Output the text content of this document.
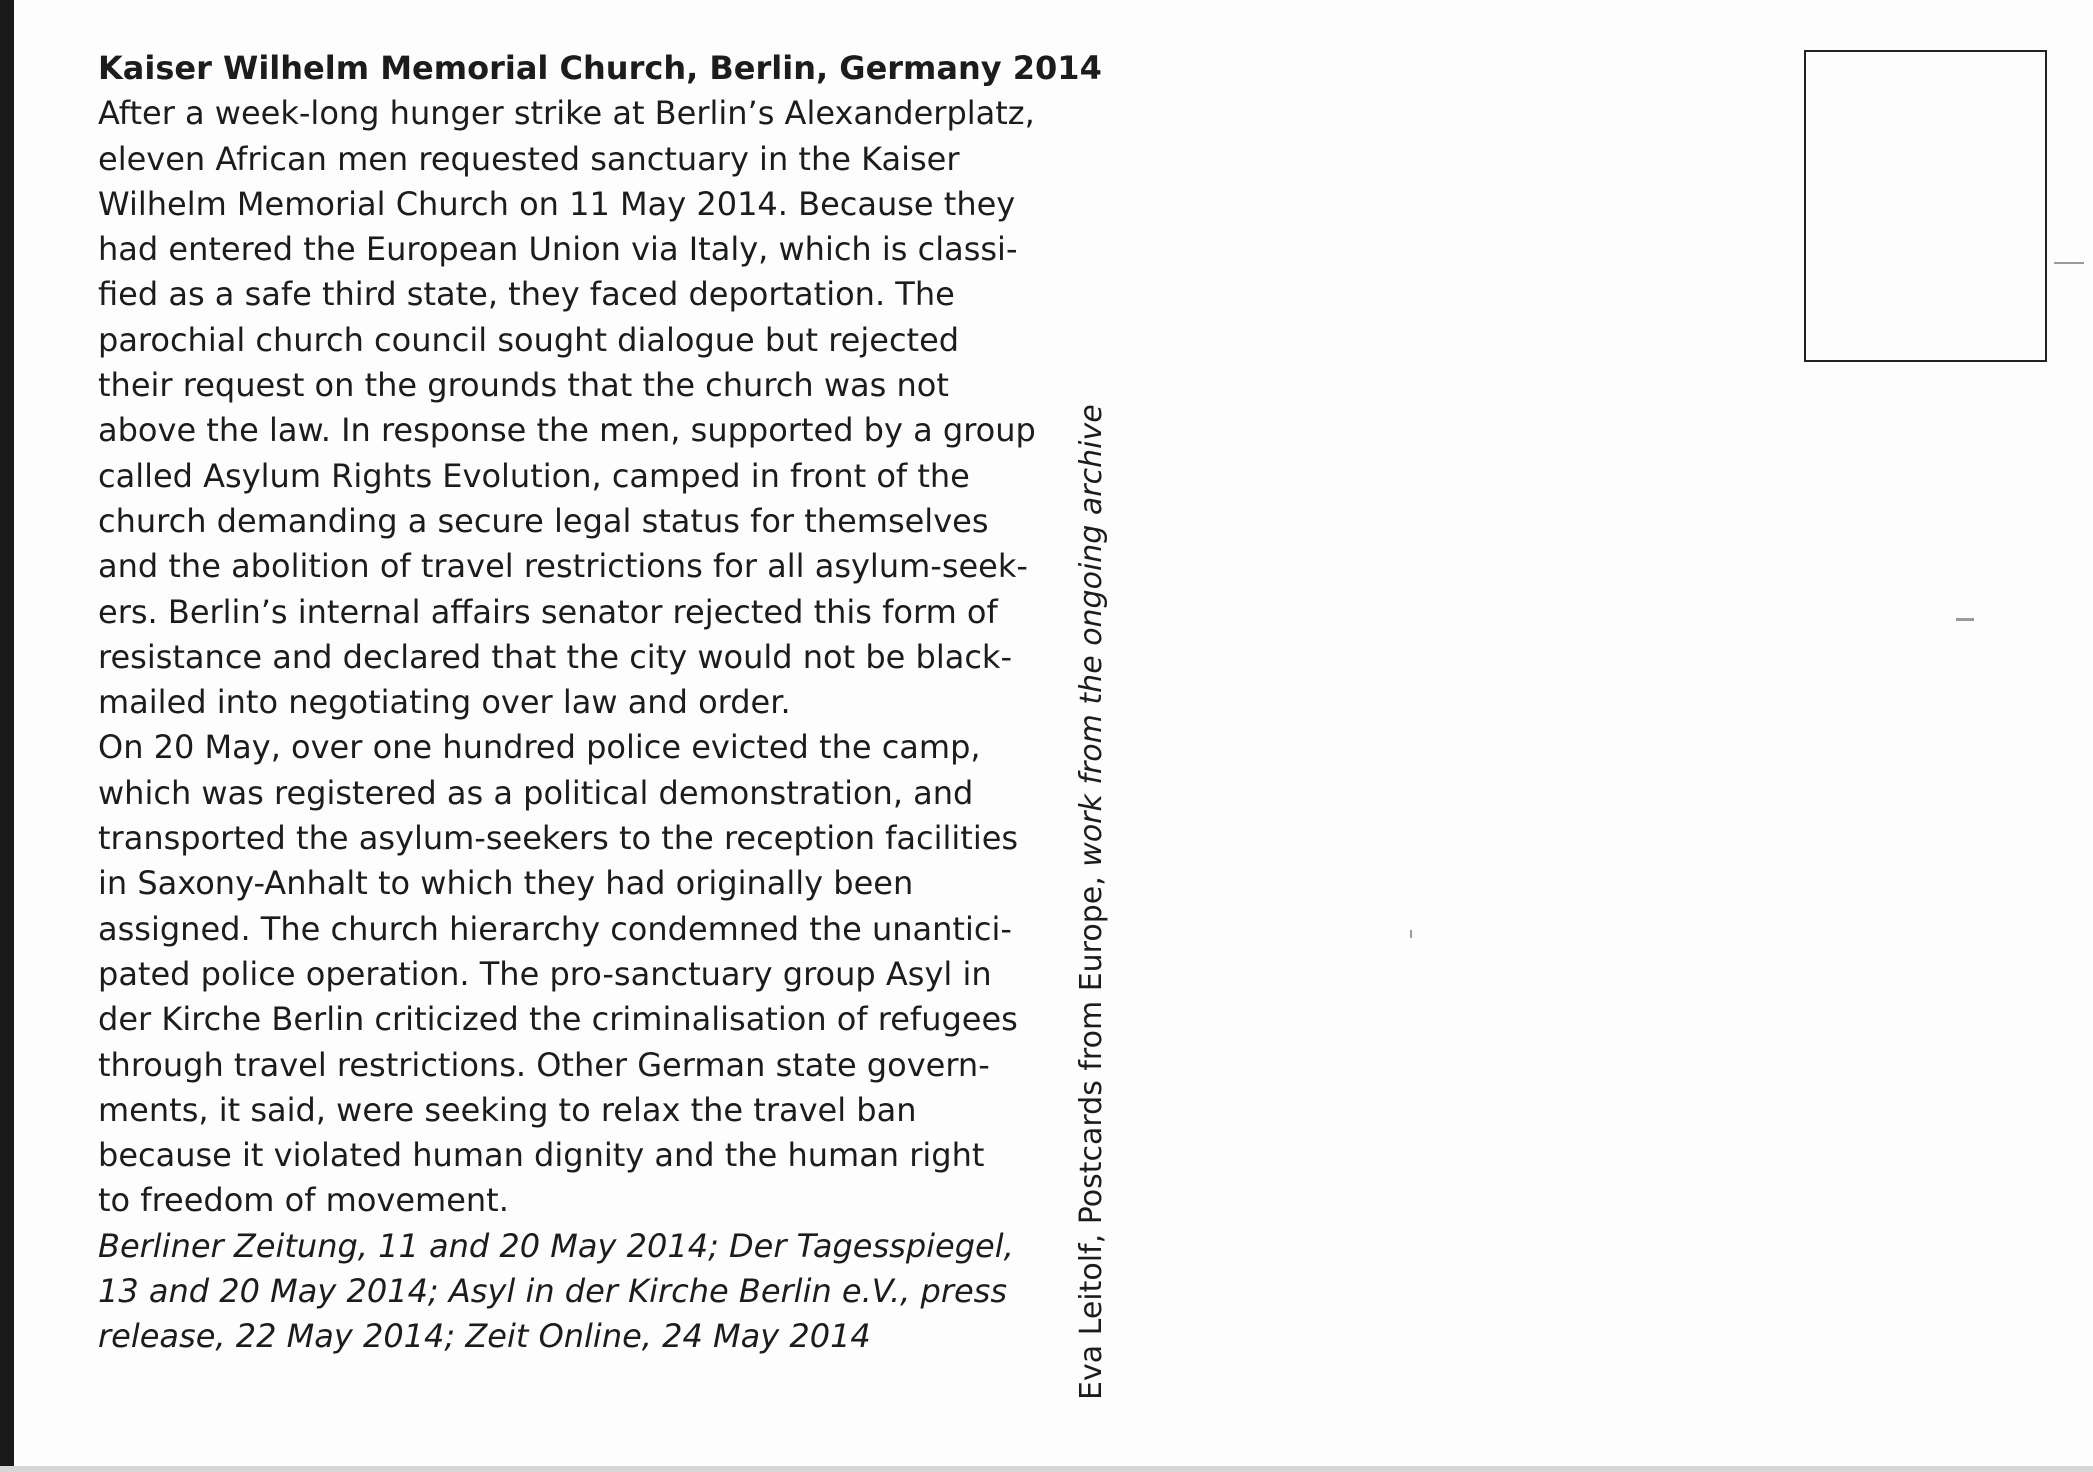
Kaiser Wilhelm Memorial Church, Berlin, Germany 2014
After a week-long hunger strike at Berlin’s Alexanderplatz,
eleven African men requested sanctuary in the Kaiser
Wilhelm Memorial Church on 11 May 2014. Because they
had entered the European Union via Italy, which is classi-
fied as a safe third state, they faced deportation. The
parochial church council sought dialogue but rejected
their request on the grounds that the church was not
above the law. In response the men, supported by a group
called Asylum Rights Evolution, camped in front of the
church demanding a secure legal status for themselves
and the abolition of travel restrictions for all asylum-seek-
ers. Berlin’s internal affairs senator rejected this form of
resistance and declared that the city would not be black-
mailed into negotiating over law and order.
On 20 May, over one hundred police evicted the camp,
which was registered as a political demonstration, and
transported the asylum-seekers to the reception facilities
in Saxony-Anhalt to which they had originally been
assigned. The church hierarchy condemned the unantici-
pated police operation. The pro-sanctuary group Asyl in
der Kirche Berlin criticized the criminalisation of refugees
through travel restrictions. Other German state govern-
ments, it said, were seeking to relax the travel ban
because it violated human dignity and the human right
to freedom of movement.
Berliner Zeitung, 11 and 20 May 2014; Der Tagesspiegel,
13 and 20 May 2014; Asyl in der Kirche Berlin e.V., press
release, 22 May 2014; Zeit Online, 24 May 2014	Eva Leitolf, Postcards from Europe, work from the ongoing archive
